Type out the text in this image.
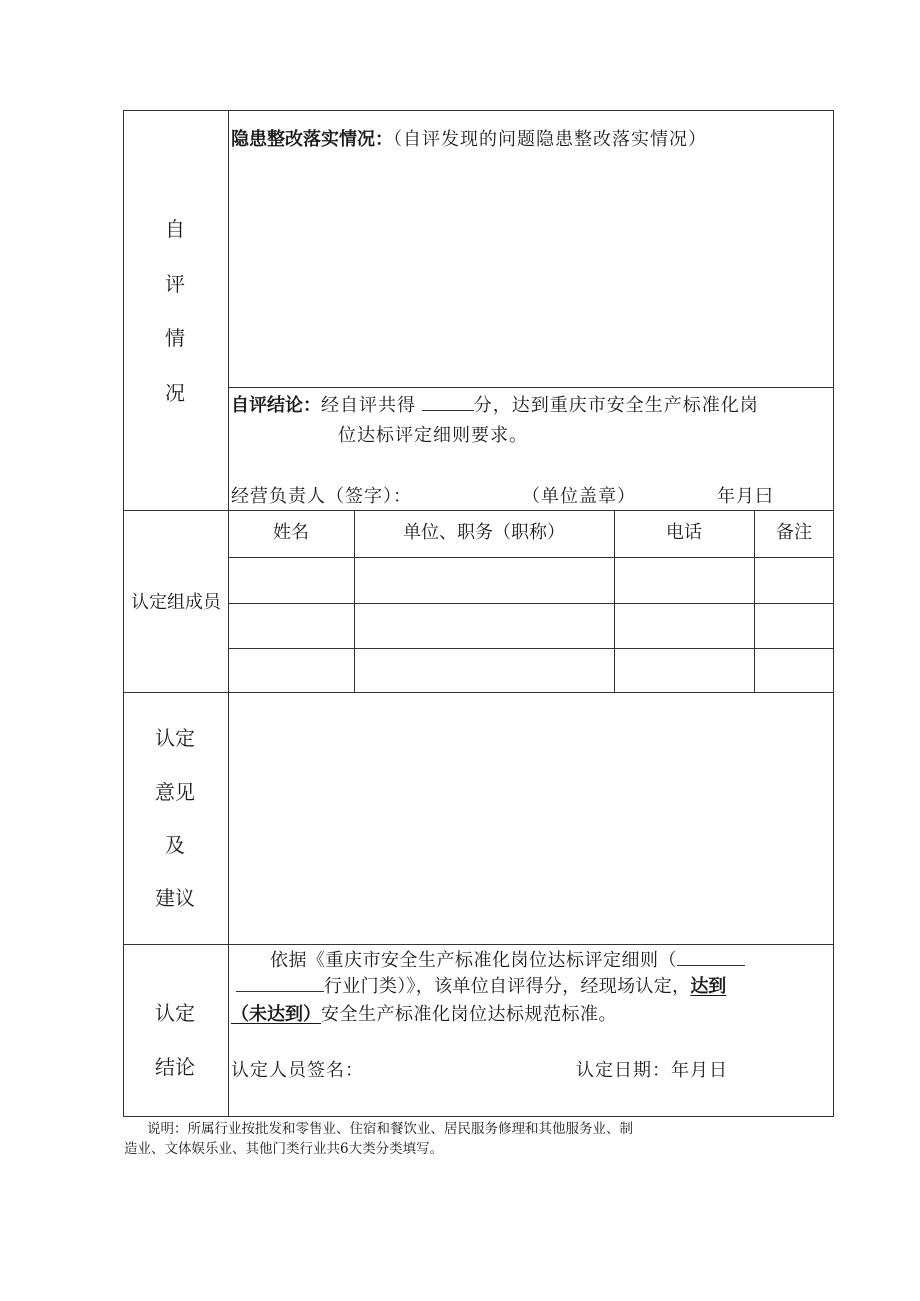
自
评
情
况
隐患整改落实情况：（自评发现的问题隐患整改落实情况）
自评结论：经自评共得	分，达到重庆市安全生产标准化岗
位达标评定细则要求。
经营负责人（签字）：	（单位盖章）	年月曰
认定组成员
姓名	单位、职务（职称）	电话	备注
认定
意见
及
建议
认定
结论
依据《重庆市安全生产标准化岗位达标评定细则（
行业门类）》，该单位自评得分，经现场认定，达到
（未达到）安全生产标准化岗位达标规范标准。
认定人员签名：	认定日期：年月日
说明：所属行业按批发和零售业、住宿和餐饮业、居民服务修理和其他服务业、制
造业、文体娱乐业、其他门类行业共6大类分类填写。
